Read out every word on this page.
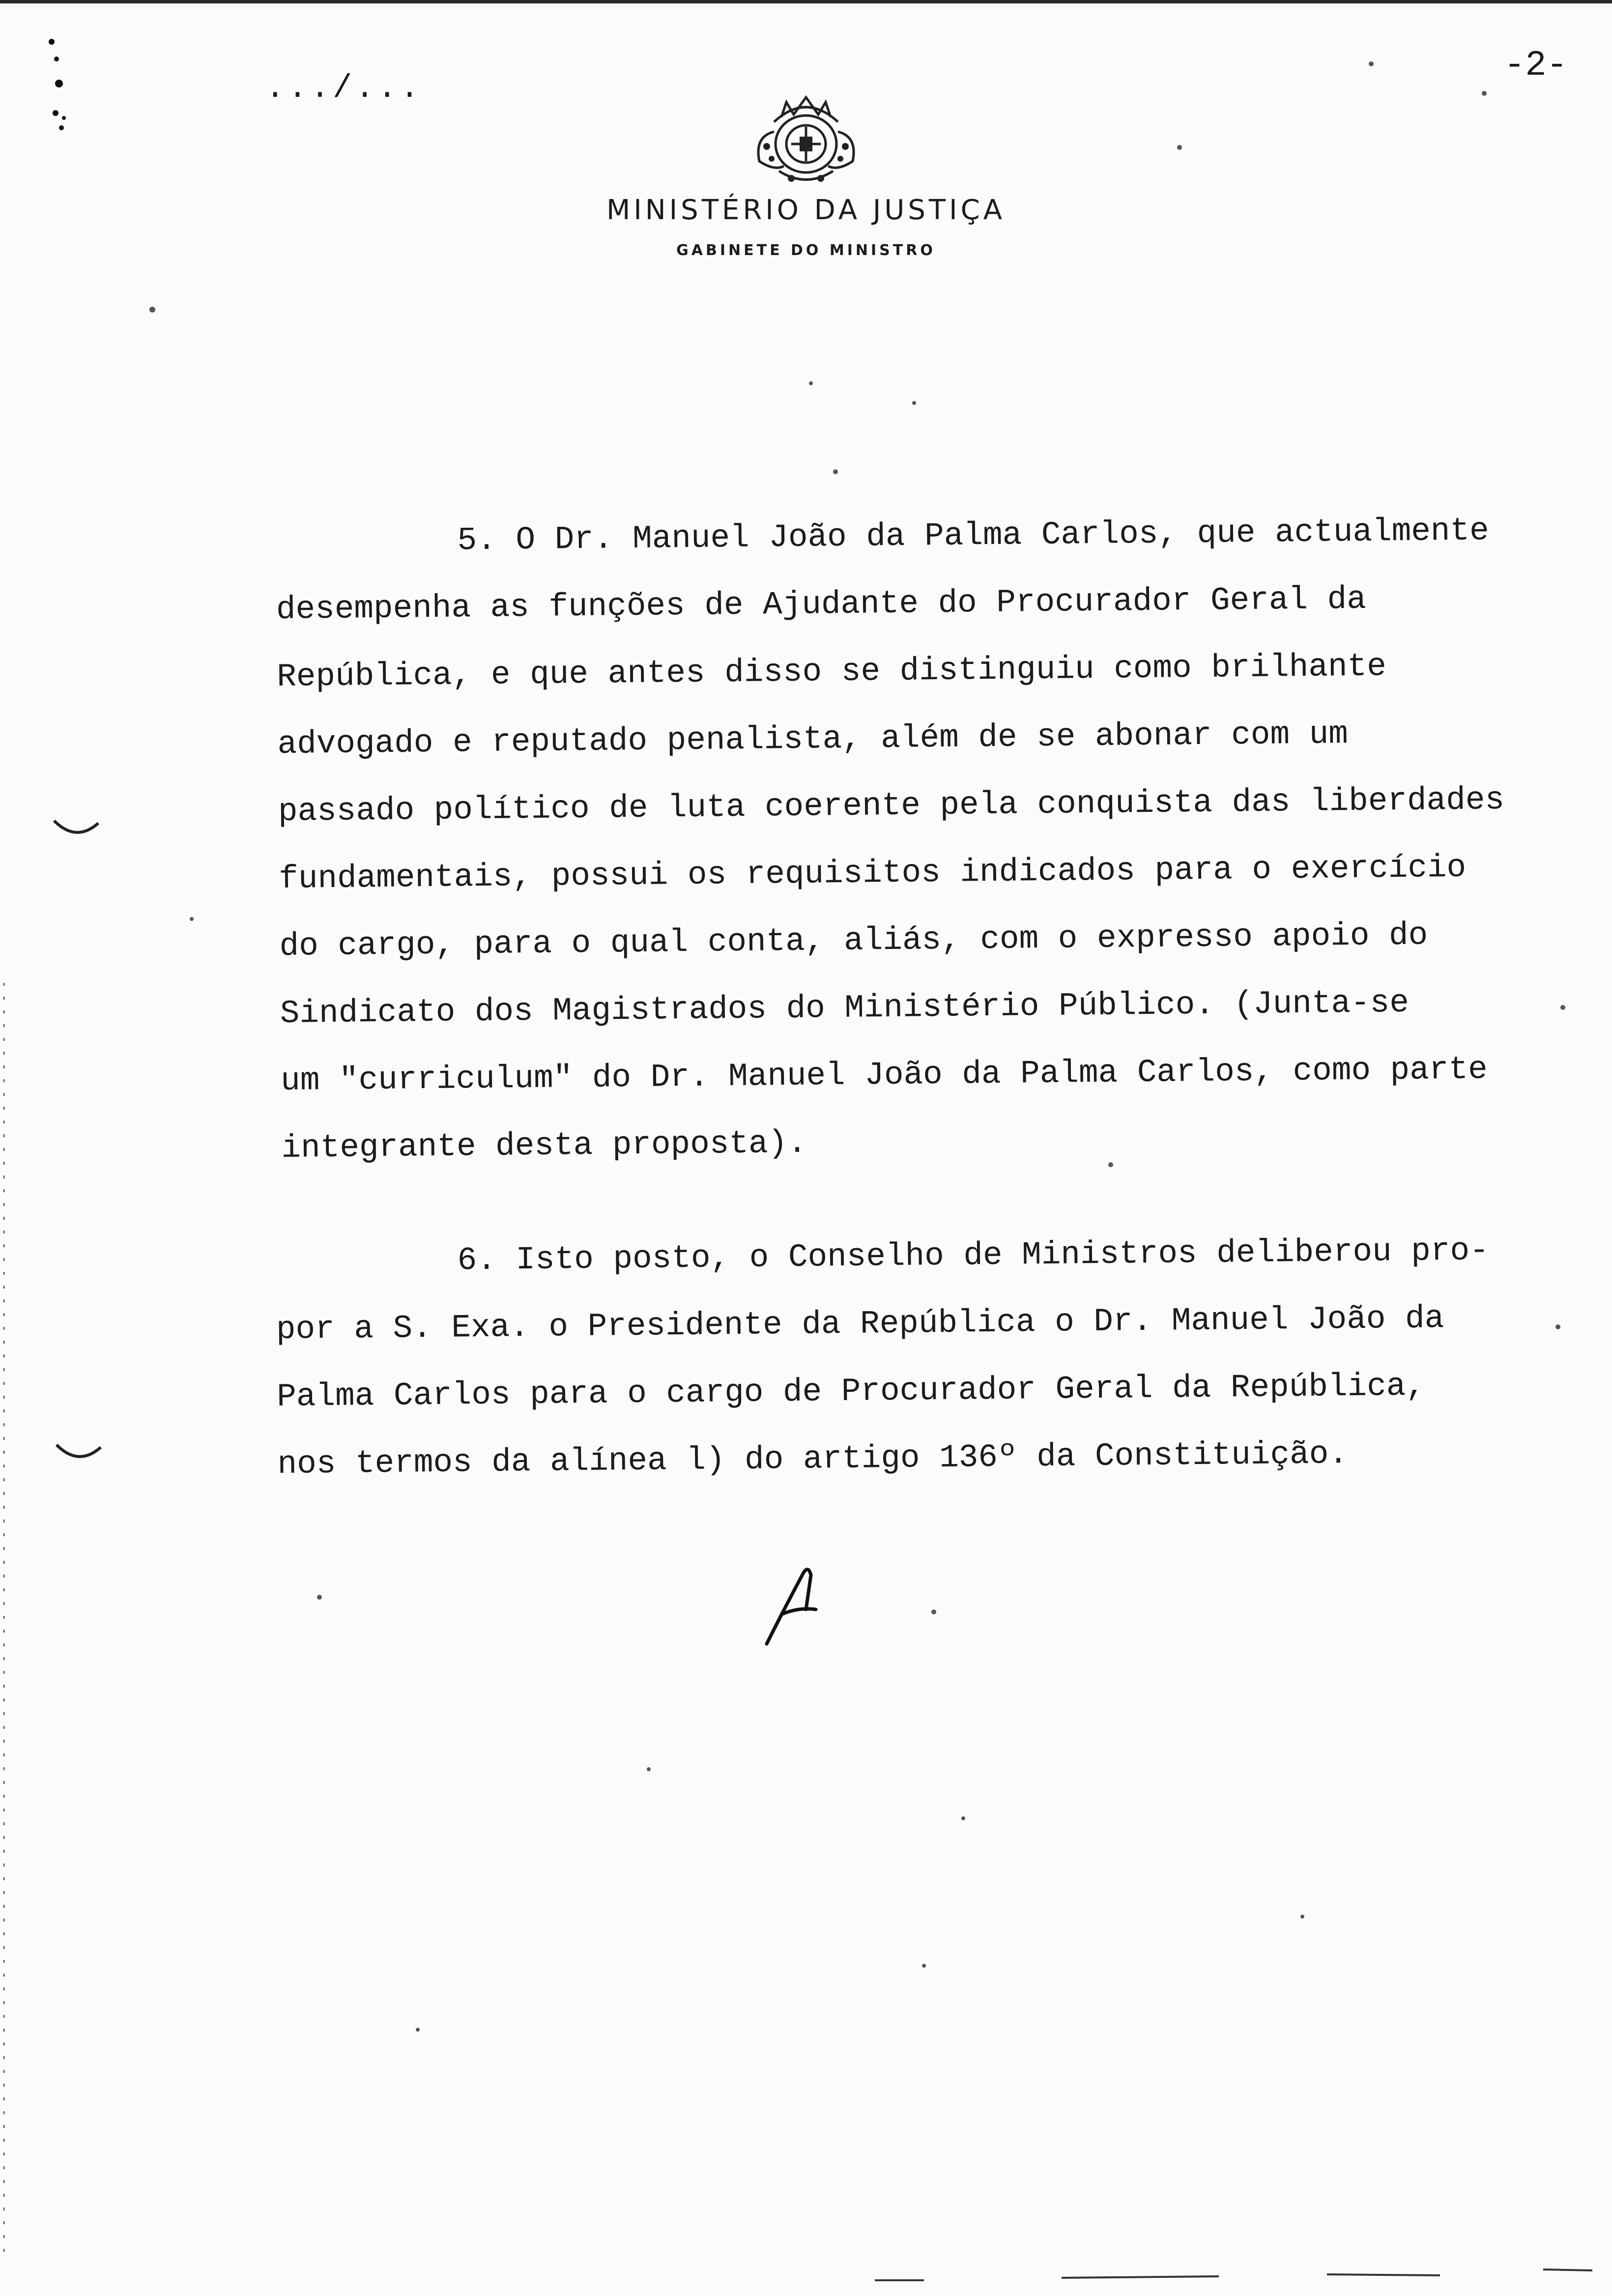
.../...
-2-
MINISTÉRIO DA JUSTIÇA
GABINETE DO MINISTRO
5. O Dr. Manuel João da Palma Carlos, que actualmente
desempenha as funções de Ajudante do Procurador Geral da
República, e que antes disso se distinguiu como brilhante
advogado e reputado penalista, além de se abonar com um
passado político de luta coerente pela conquista das liberdades
fundamentais, possui os requisitos indicados para o exercício
do cargo, para o qual conta, aliás, com o expresso apoio do
Sindicato dos Magistrados do Ministério Público. (Junta-se
um "curriculum" do Dr. Manuel João da Palma Carlos, como parte
integrante desta proposta).
6. Isto posto, o Conselho de Ministros deliberou pro-
por a S. Exa. o Presidente da República o Dr. Manuel João da
Palma Carlos para o cargo de Procurador Geral da República,
nos termos da alínea l) do artigo 136º da Constituição.
